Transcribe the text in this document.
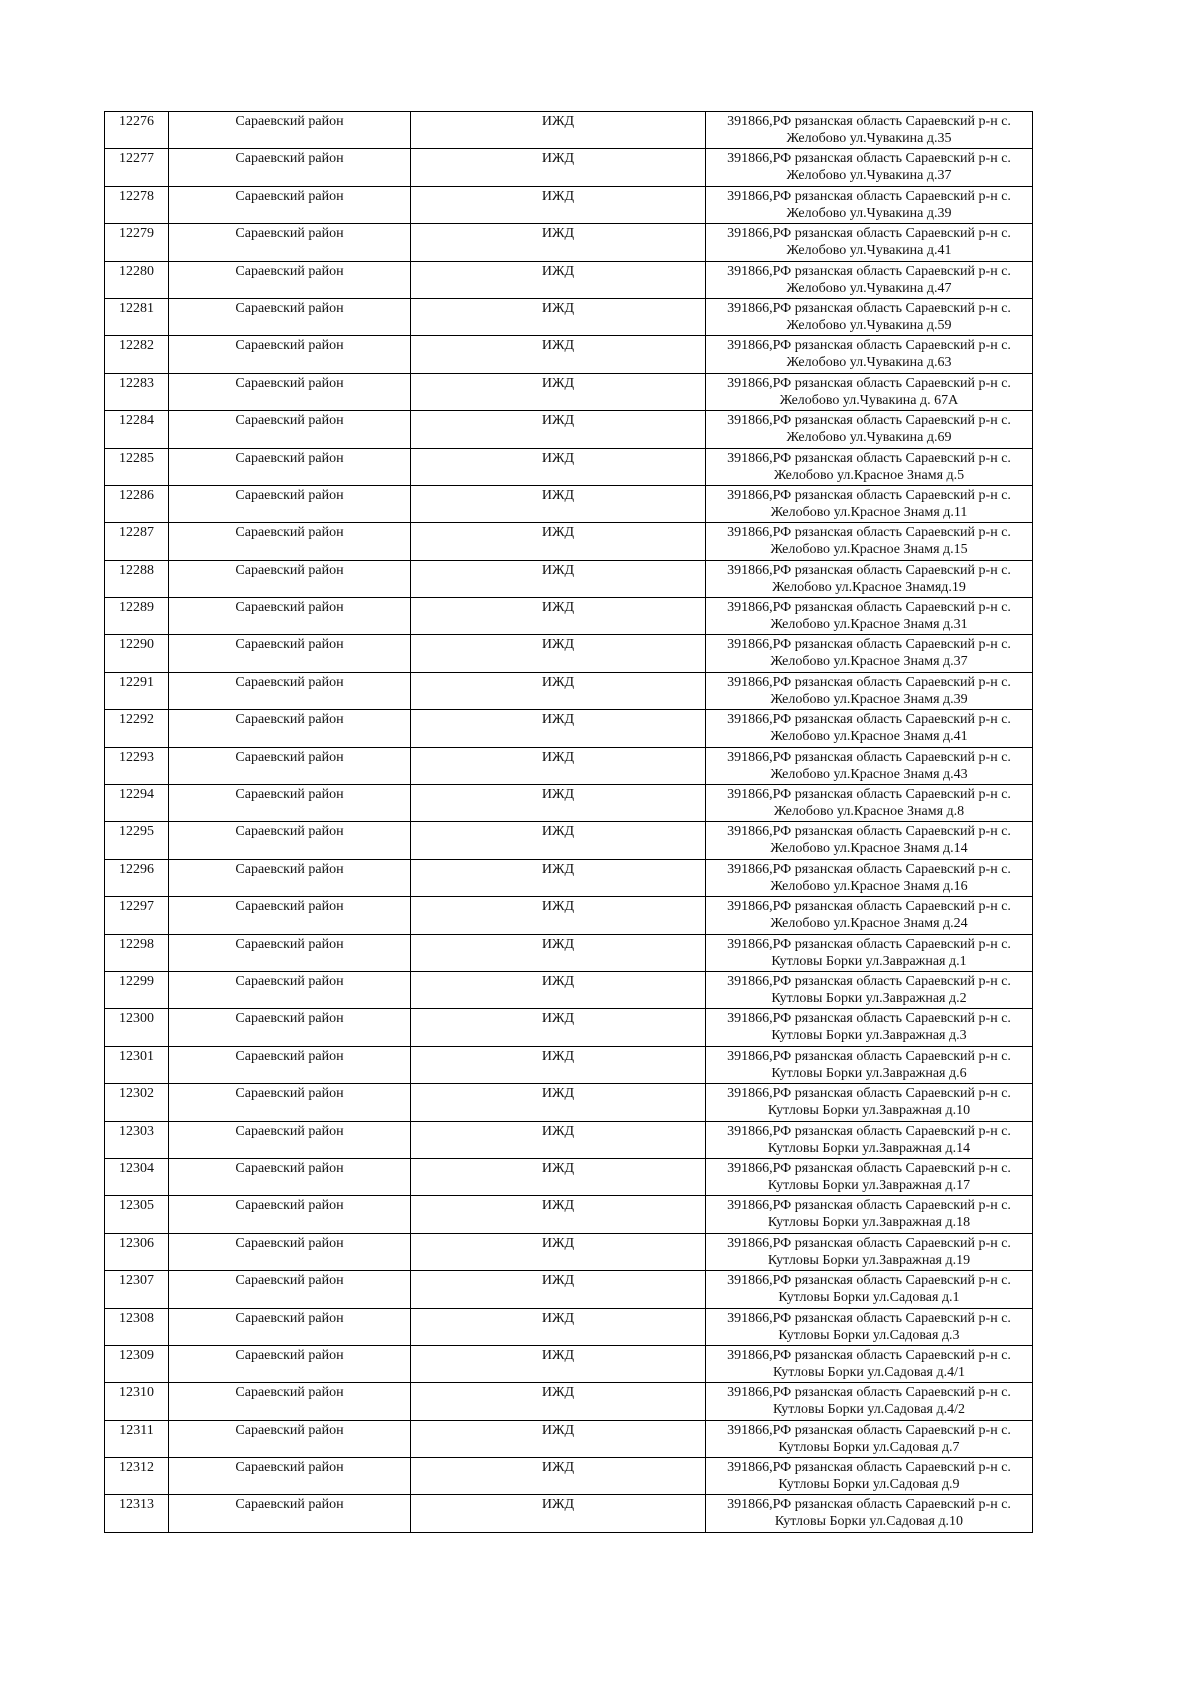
12276	Сараевский район	ИЖД	391866,РФ рязанская область Сараевский р-н с.
Желобово ул.Чувакина д.35

12277	Сараевский район	ИЖД	391866,РФ рязанская область Сараевский р-н с.
Желобово ул.Чувакина д.37

12278	Сараевский район	ИЖД	391866,РФ рязанская область Сараевский р-н с.
Желобово ул.Чувакина д.39

12279	Сараевский район	ИЖД	391866,РФ рязанская область Сараевский р-н с.
Желобово ул.Чувакина д.41

12280	Сараевский район	ИЖД	391866,РФ рязанская область Сараевский р-н с.
Желобово ул.Чувакина д.47

12281	Сараевский район	ИЖД	391866,РФ рязанская область Сараевский р-н с.
Желобово ул.Чувакина д.59

12282	Сараевский район	ИЖД	391866,РФ рязанская область Сараевский р-н с.
Желобово ул.Чувакина д.63

12283	Сараевский район	ИЖД	391866,РФ рязанская область Сараевский р-н с.
Желобово ул.Чувакина д. 67А

12284	Сараевский район	ИЖД	391866,РФ рязанская область Сараевский р-н с.
Желобово ул.Чувакина д.69

12285	Сараевский район	ИЖД	391866,РФ рязанская область Сараевский р-н с.
Желобово ул.Красное Знамя д.5

12286	Сараевский район	ИЖД	391866,РФ рязанская область Сараевский р-н с.
Желобово ул.Красное Знамя д.11

12287	Сараевский район	ИЖД	391866,РФ рязанская область Сараевский р-н с.
Желобово ул.Красное Знамя д.15

12288	Сараевский район	ИЖД	391866,РФ рязанская область Сараевский р-н с.
Желобово ул.Красное Знамяд.19

12289	Сараевский район	ИЖД	391866,РФ рязанская область Сараевский р-н с.
Желобово ул.Красное Знамя д.31

12290	Сараевский район	ИЖД	391866,РФ рязанская область Сараевский р-н с.
Желобово ул.Красное Знамя д.37

12291	Сараевский район	ИЖД	391866,РФ рязанская область Сараевский р-н с.
Желобово ул.Красное Знамя д.39

12292	Сараевский район	ИЖД	391866,РФ рязанская область Сараевский р-н с.
Желобово ул.Красное Знамя д.41

12293	Сараевский район	ИЖД	391866,РФ рязанская область Сараевский р-н с.
Желобово ул.Красное Знамя д.43

12294	Сараевский район	ИЖД	391866,РФ рязанская область Сараевский р-н с.
Желобово ул.Красное Знамя д.8

12295	Сараевский район	ИЖД	391866,РФ рязанская область Сараевский р-н с.
Желобово ул.Красное Знамя д.14

12296	Сараевский район	ИЖД	391866,РФ рязанская область Сараевский р-н с.
Желобово ул.Красное Знамя д.16

12297	Сараевский район	ИЖД	391866,РФ рязанская область Сараевский р-н с.
Желобово ул.Красное Знамя д.24

12298	Сараевский район	ИЖД	391866,РФ рязанская область Сараевский р-н с.
Кутловы Борки ул.Завражная д.1

12299	Сараевский район	ИЖД	391866,РФ рязанская область Сараевский р-н с.
Кутловы Борки ул.Завражная д.2

12300	Сараевский район	ИЖД	391866,РФ рязанская область Сараевский р-н с.
Кутловы Борки ул.Завражная д.3

12301	Сараевский район	ИЖД	391866,РФ рязанская область Сараевский р-н с.
Кутловы Борки ул.Завражная д.6

12302	Сараевский район	ИЖД	391866,РФ рязанская область Сараевский р-н с.
Кутловы Борки ул.Завражная д.10

12303	Сараевский район	ИЖД	391866,РФ рязанская область Сараевский р-н с.
Кутловы Борки ул.Завражная д.14

12304	Сараевский район	ИЖД	391866,РФ рязанская область Сараевский р-н с.
Кутловы Борки ул.Завражная д.17

12305	Сараевский район	ИЖД	391866,РФ рязанская область Сараевский р-н с.
Кутловы Борки ул.Завражная д.18

12306	Сараевский район	ИЖД	391866,РФ рязанская область Сараевский р-н с.
Кутловы Борки ул.Завражная д.19

12307	Сараевский район	ИЖД	391866,РФ рязанская область Сараевский р-н с.
Кутловы Борки ул.Садовая д.1

12308	Сараевский район	ИЖД	391866,РФ рязанская область Сараевский р-н с.
Кутловы Борки ул.Садовая д.3

12309	Сараевский район	ИЖД	391866,РФ рязанская область Сараевский р-н с.
Кутловы Борки ул.Садовая д.4/1

12310	Сараевский район	ИЖД	391866,РФ рязанская область Сараевский р-н с.
Кутловы Борки ул.Садовая д.4/2

12311	Сараевский район	ИЖД	391866,РФ рязанская область Сараевский р-н с.
Кутловы Борки ул.Садовая д.7

12312	Сараевский район	ИЖД	391866,РФ рязанская область Сараевский р-н с.
Кутловы Борки ул.Садовая д.9

12313	Сараевский район	ИЖД	391866,РФ рязанская область Сараевский р-н с.
Кутловы Борки ул.Садовая д.10
